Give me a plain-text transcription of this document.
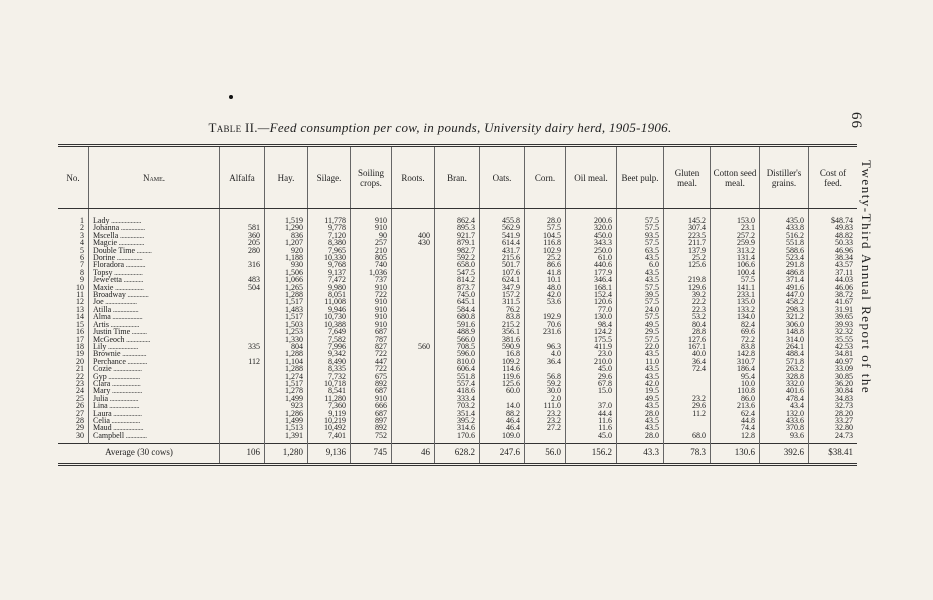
Table II.—Feed consumption per cow, in pounds, University dairy herd, 1905-1906.	66
Twenty-Third Annual Report of the
No.	Name.	Alfalfa	Hay.	Silage.	Soiling crops.	Roots.	Bran.	Oats.	Corn.	Oil meal.	Beet pulp.	Gluten meal.	Cotton seed meal.	Distiller's grains.	Cost of feed.
1	Lady ....................		1,519	11,778	910		862.4	455.8	28.0	200.6	57.5	145.2	153.0	435.0	$48.74
2	Johanna ................	581	1,290	9,778	910		895.3	562.9	57.5	320.0	57.5	307.4	23.1	433.8	49.83
3	Mscella ................	360	836	7,120	90	400	921.7	541.9	104.5	450.0	93.5	223.5	257.2	516.2	48.82
4	Magcie .................	205	1,207	8,380	257	430	879.1	614.4	116.8	343.3	57.5	211.7	259.9	551.8	50.33
5	Double Time ..........	280	920	7,965	210		982.7	431.7	102.9	250.0	63.5	137.9	313.2	588.6	46.96
6	Dorine .................		1,188	10,330	805		592.2	215.6	25.2	61.0	43.5	25.2	131.4	523.4	38.34
7	Floradora .............	316	930	9,768	740		658.0	501.7	86.6	440.6	6.0	125.6	106.6	291.8	43.57
8	Topsy ...................		1,506	9,137	1,036		547.5	107.6	41.8	177.9	43.5		100.4	486.8	37.11
9	Jewe'etta .............	483	1,066	7,472	737		814.2	624.1	10.1	346.4	43.5	219.8	57.5	371.4	44.03
10	Maxie ...................	504	1,265	9,980	910		873.7	347.9	48.0	168.1	57.5	129.6	141.1	491.6	46.06
11	Broadway ..............		1,288	8,051	722		745.0	157.2	42.0	152.4	39.5	39.2	233.1	447.0	38.72
12	Joe .....................		1,517	11,008	910		645.1	311.5	53.6	120.6	57.5	22.2	135.0	458.2	41.67
13	Atilla .................		1,483	9,946	910		584.4	76.2		77.0	24.0	22.3	133.2	298.3	31.91
14	Alma ....................		1,517	10,730	910		680.8	83.8	192.9	130.0	57.5	53.2	134.0	321.2	39.65
15	Artis ...................		1,503	10,388	910		591.6	215.2	70.6	98.4	49.5	80.4	82.4	306.0	39.93
16	Justin Time ..........		1,253	7,649	687		488.9	356.1	231.6	124.2	29.5	28.8	69.6	148.8	32.32
17	McGeoch ................		1,330	7,582	787		566.0	381.6		175.5	57.5	127.6	72.2	314.0	35.55
18	Lily ....................	335	804	7,996	827	560	708.5	590.9	96.3	411.9	22.0	167.1	83.8	264.1	42.53
19	Brownie ................		1,288	9,342	722		596.0	16.8	4.0	23.0	43.5	40.0	142.8	488.4	34.81
20	Perchance .............	112	1,104	8,490	447		810.0	109.2	36.4	210.0	11.0	36.4	310.7	571.8	40.97
21	Cozie ...................		1,288	8,335	722		606.4	114.6		45.0	43.5	72.4	186.4	263.2	33.09
22	Gyp .....................		1,274	7,732	675		551.8	119.6	56.8	29.6	43.5		95.4	328.8	30.85
23	Clara ...................		1,517	10,718	892		557.4	125.6	59.2	67.8	42.0		10.0	332.0	36.20
24	Mary ....................		1,278	8,541	687		418.6	60.0	30.0	15.0	19.5		110.8	401.6	30.84
25	Julia ...................		1,499	11,280	910		333.4		2.0		49.5	23.2	86.0	478.4	34.83
26	Lina ....................		923	7,360	666		703.2	14.0	111.0	37.0	43.5	29.6	213.6	43.4	32.73
27	Laura ...................		1,286	9,119	687		351.4	88.2	23.2	44.4	28.0	11.2	62.4	132.0	28.20
28	Celia ...................		1,499	10,219	897		395.2	46.4	23.2	11.6	43.5		44.8	433.6	33.27
29	Maud ....................		1,513	10,492	892		314.6	46.4	27.2	11.6	43.5		74.4	370.8	32.80
30	Campbell ..............		1,391	7,401	752		170.6	109.0		45.0	28.0	68.0	12.8	93.6	24.73
Average (30 cows)		106	1,280	9,136	745	46	628.2	247.6	56.0	156.2	43.3	78.3	130.6	392.6	$38.41
